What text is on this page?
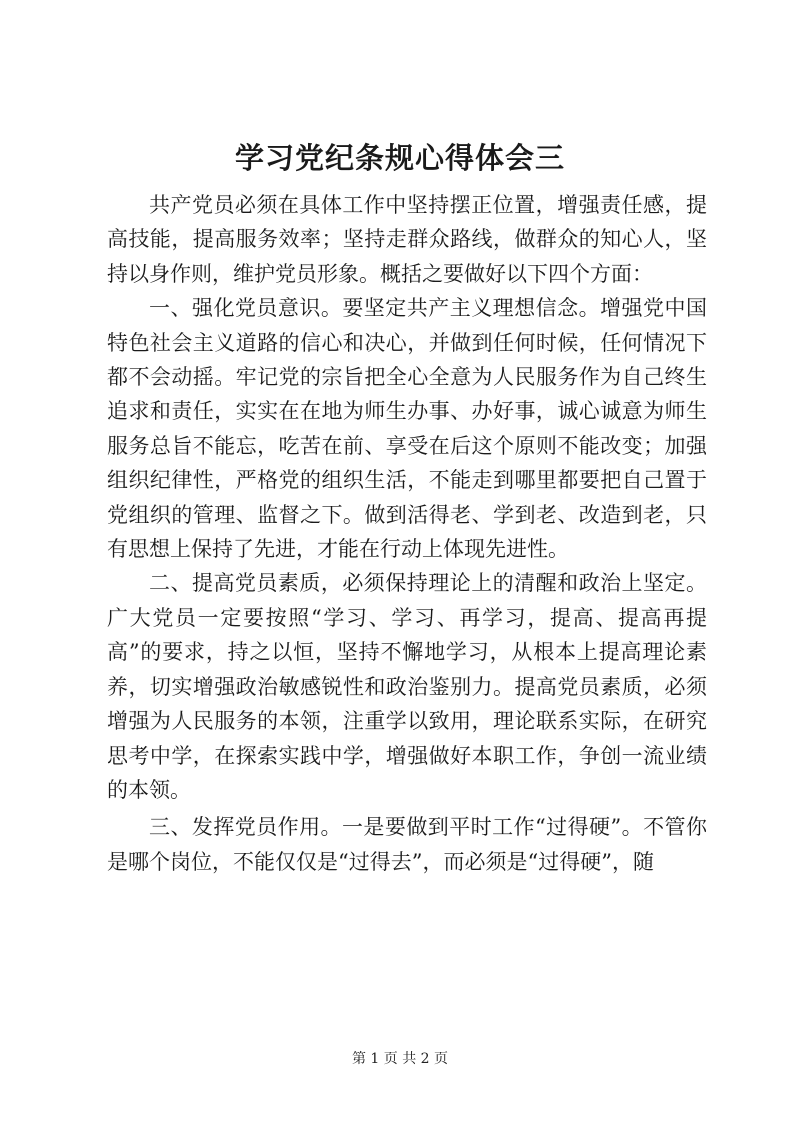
学习党纪条规心得体会三

共产党员必须在具体工作中坚持摆正位置，增强责任感，提高技能，提高服务效率；坚持走群众路线，做群众的知心人，坚持以身作则，维护党员形象。概括之要做好以下四个方面：

一、强化党员意识。要坚定共产主义理想信念。增强党中国特色社会主义道路的信心和决心，并做到任何时候，任何情况下都不会动摇。牢记党的宗旨把全心全意为人民服务作为自己终生追求和责任，实实在在地为师生办事、办好事，诚心诚意为师生服务总旨不能忘，吃苦在前、享受在后这个原则不能改变；加强组织纪律性，严格党的组织生活，不能走到哪里都要把自己置于党组织的管理、监督之下。做到活得老、学到老、改造到老，只有思想上保持了先进，才能在行动上体现先进性。

二、提高党员素质，必须保持理论上的清醒和政治上坚定。广大党员一定要按照“学习、学习、再学习，提高、提高再提高”的要求，持之以恒，坚持不懈地学习，从根本上提高理论素养，切实增强政治敏感锐性和政治鉴别力。提高党员素质，必须增强为人民服务的本领，注重学以致用，理论联系实际，在研究思考中学，在探索实践中学，增强做好本职工作，争创一流业绩的本领。

三、发挥党员作用。一是要做到平时工作“过得硬”。不管你是哪个岗位，不能仅仅是“过得去”，而必须是“过得硬”，随

第 1 页 共 2 页
